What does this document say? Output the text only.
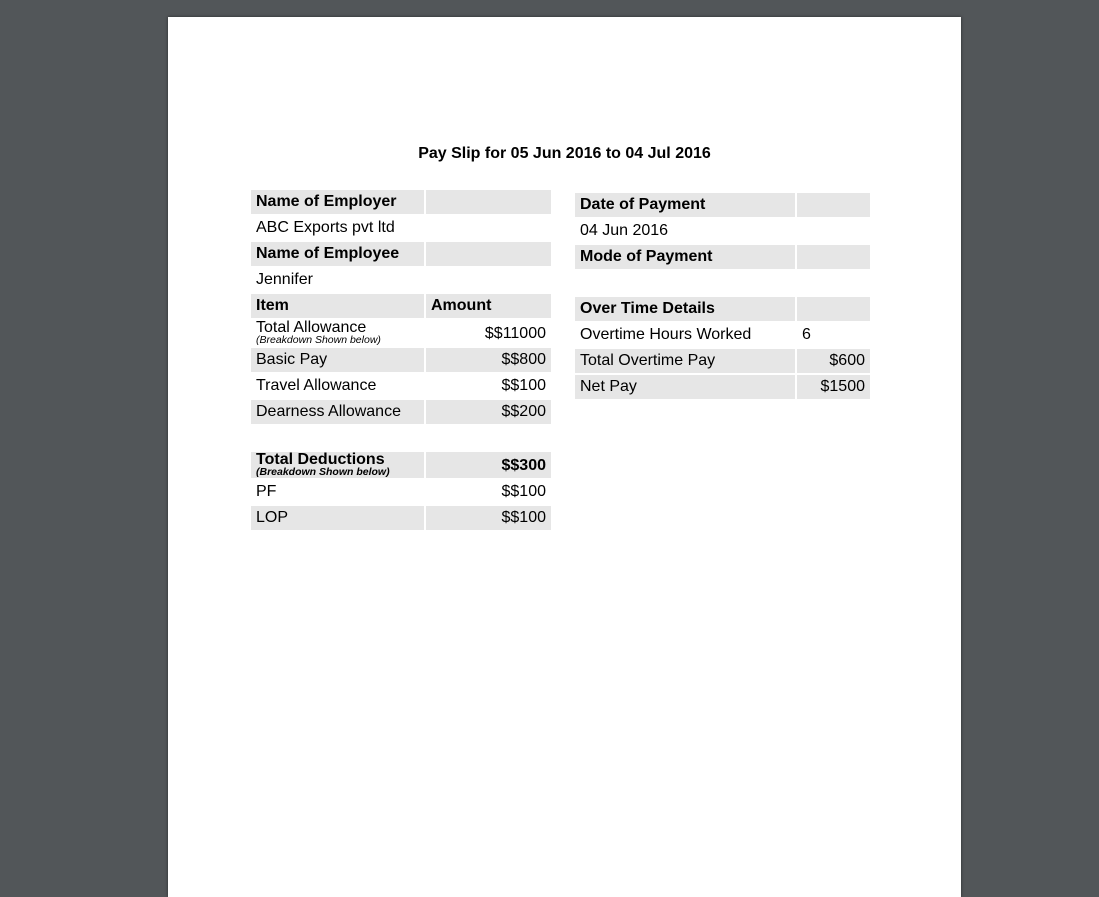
Pay Slip for 05 Jun 2016 to 04 Jul 2016
Name of Employer	
ABC Exports pvt ltd	
Name of Employee	
Jennifer	
Item	Amount

Total Allowance
(Breakdown Shown below)	$$11000
Basic Pay	$$800
Travel Allowance	$$100
Dearness Allowance	$$200

Total Deductions
(Breakdown Shown below)	$$300
PF	$$100
LOP	$$100
Date of Payment	
04 Jun 2016	
Mode of Payment	

Over Time Details	
Overtime Hours Worked	6
Total Overtime Pay	$600
Net Pay	$1500
